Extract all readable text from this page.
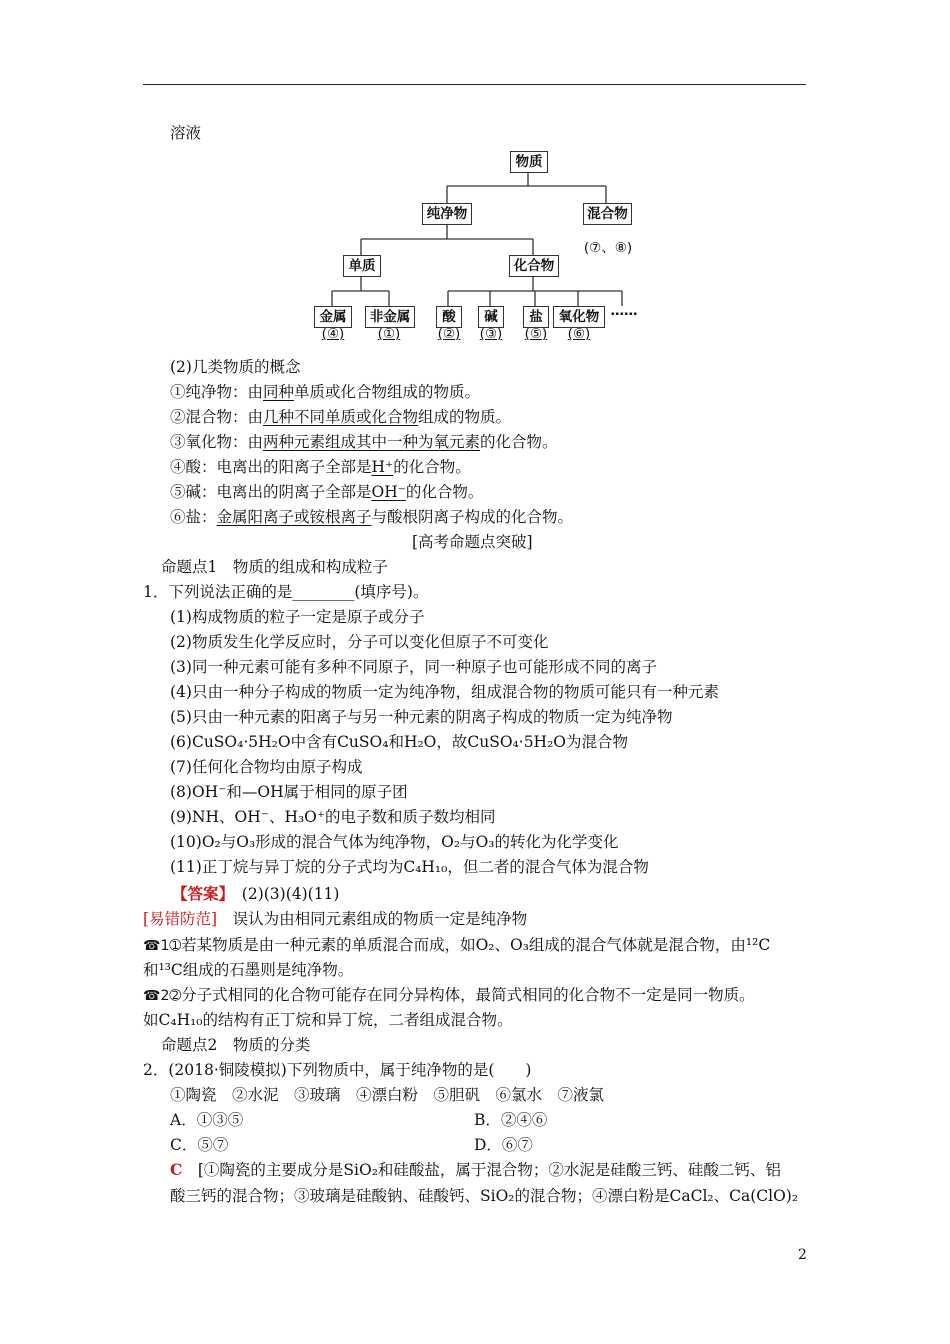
溶液
物质
纯净物	混合物
(⑦、⑧)
单质	化合物
金属
(④)
非金属
(①)
酸
(②)
碱
(③)
盐
(⑤)
氧化物
(⑥)
……
(2)几类物质的概念
①纯净物：由同种单质或化合物组成的物质。
②混合物：由几种不同单质或化合物组成的物质。
③氧化物：由两种元素组成其中一种为氧元素的化合物。
④酸：电离出的阳离子全部是H⁺的化合物。
⑤碱：电离出的阴离子全部是OH⁻的化合物。
⑥盐：金属阳离子或铵根离子与酸根阴离子构成的化合物。
[高考命题点突破]
命题点1　物质的组成和构成粒子
1．下列说法正确的是________(填序号)。
(1)构成物质的粒子一定是原子或分子
(2)物质发生化学反应时，分子可以变化但原子不可变化
(3)同一种元素可能有多种不同原子，同一种原子也可能形成不同的离子
(4)只由一种分子构成的物质一定为纯净物，组成混合物的物质可能只有一种元素
(5)只由一种元素的阳离子与另一种元素的阴离子构成的物质一定为纯净物
(6)CuSO₄·5H₂O中含有CuSO₄和H₂O，故CuSO₄·5H₂O为混合物
(7)任何化合物均由原子构成
(8)OH⁻和—OH属于相同的原子团
(9)NH、OH⁻、H₃O⁺的电子数和质子数均相同
(10)O₂与O₃形成的混合气体为纯净物，O₂与O₃的转化为化学变化
(11)正丁烷与异丁烷的分子式均为C₄H₁₀，但二者的混合气体为混合物
【答案】　 (2)(3)(4)(11)
[易错防范]　 误认为由相同元素组成的物质一定是纯净物
☎1➀若某物质是由一种元素的单质混合而成，如O₂、O₃组成的混合气体就是混合物，由¹²C
和¹³C组成的石墨则是纯净物。
☎2➁分子式相同的化合物可能存在同分异构体，最简式相同的化合物不一定是同一物质。
如C₄H₁₀的结构有正丁烷和异丁烷，二者组成混合物。
命题点2　物质的分类
2．(2018·铜陵模拟)下列物质中，属于纯净物的是(　　)
①陶瓷　②水泥　③玻璃　④漂白粉　⑤胆矾　⑥氯水　⑦液氯
A．①③⑤	B．②④⑥
C．⑤⑦	D．⑥⑦
C　 [①陶瓷的主要成分是SiO₂和硅酸盐，属于混合物；②水泥是硅酸三钙、硅酸二钙、铝
酸三钙的混合物；③玻璃是硅酸钠、硅酸钙、SiO₂的混合物；④漂白粉是CaCl₂、Ca(ClO)₂
2
